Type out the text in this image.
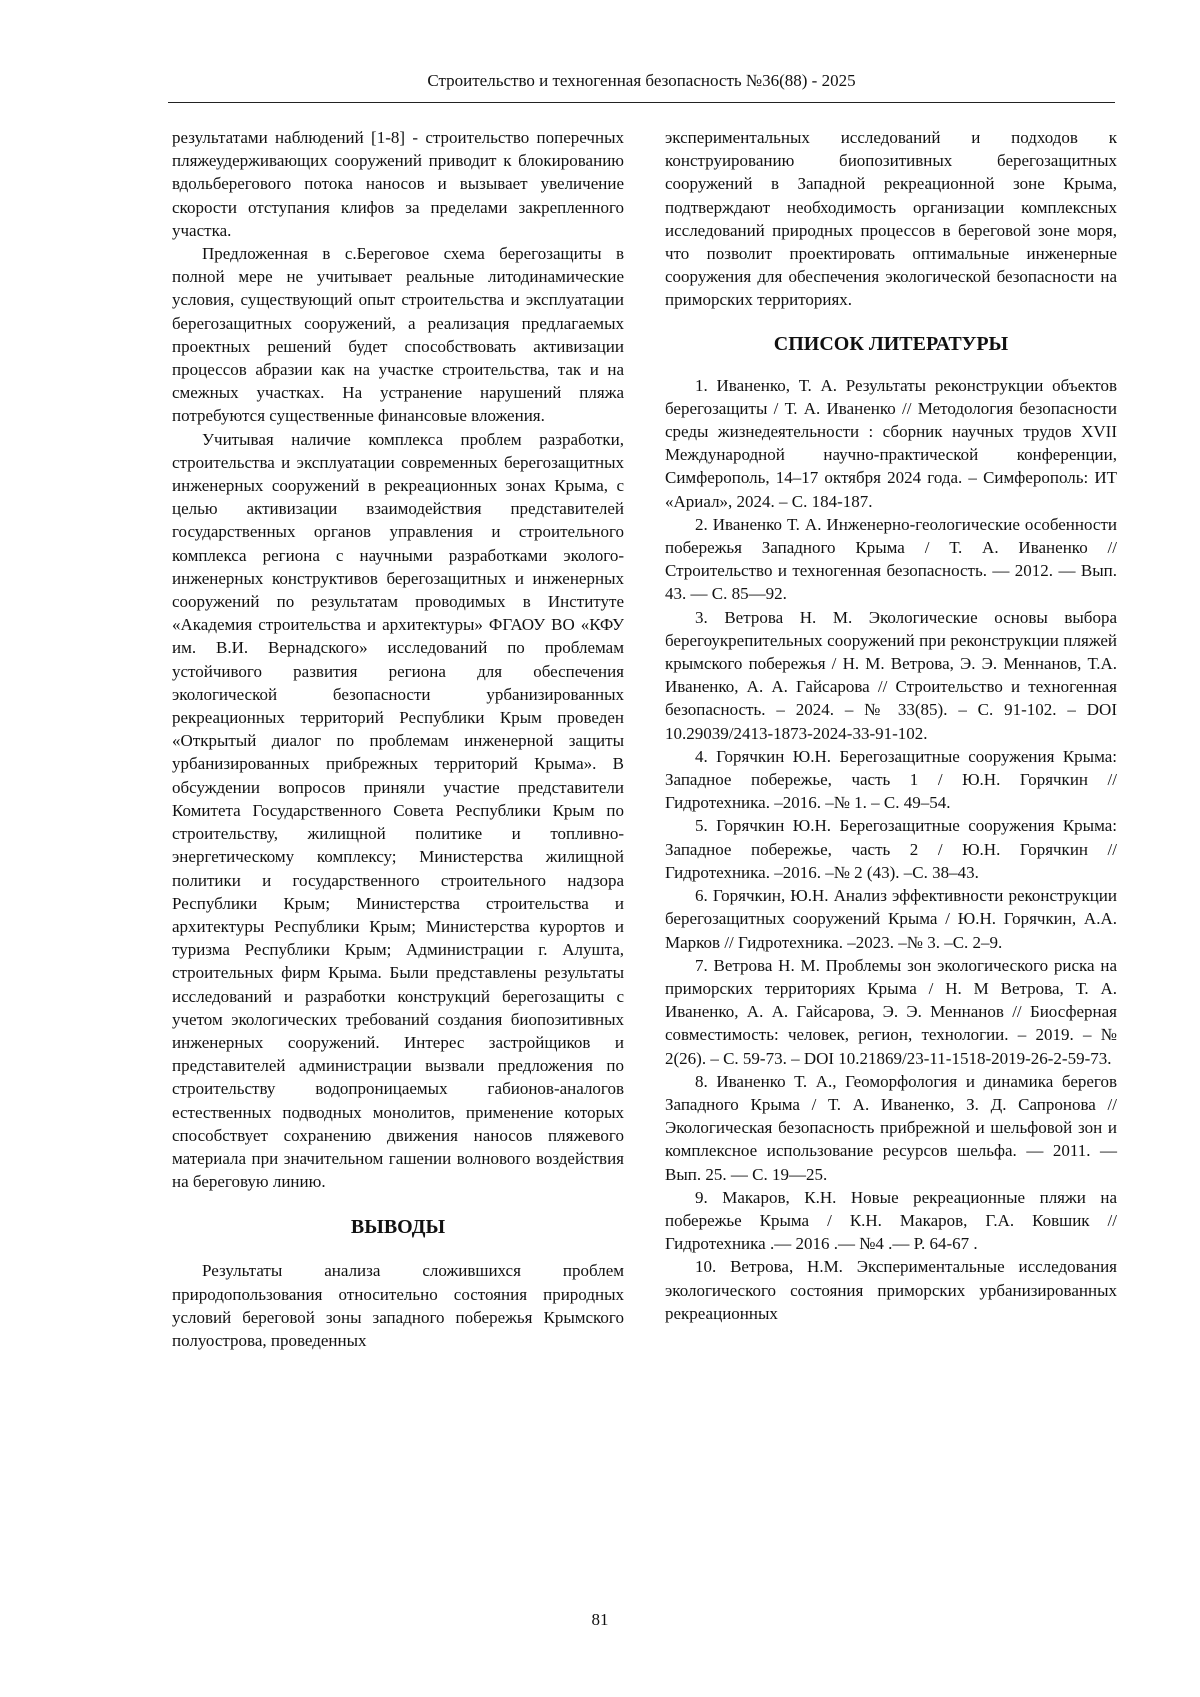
Строительство и техногенная безопасность №36(88) - 2025

результатами наблюдений [1-8] - строительство поперечных пляжеудерживающих сооружений приводит к блокированию вдольберегового потока наносов и вызывает увеличение скорости отступания клифов за пределами закрепленного участка.

Предложенная в с.Береговое схема берегозащиты в полной мере не учитывает реальные литодинамические условия, существующий опыт строительства и эксплуатации берегозащитных сооружений, а реализация предлагаемых проектных решений будет способствовать активизации процессов абразии как на участке строительства, так и на смежных участках. На устранение нарушений пляжа потребуются существенные финансовые вложения.

Учитывая наличие комплекса проблем разработки, строительства и эксплуатации современных берегозащитных инженерных сооружений в рекреационных зонах Крыма, с целью активизации взаимодействия представителей государственных органов управления и строительного комплекса региона с научными разработками эколого-инженерных конструктивов берегозащитных и инженерных сооружений по результатам проводимых в Институте «Академия строительства и архитектуры» ФГАОУ ВО «КФУ им. В.И. Вернадского» исследований по проблемам устойчивого развития региона для обеспечения экологической безопасности урбанизированных рекреационных территорий Республики Крым проведен «Открытый диалог по проблемам инженерной защиты урбанизированных прибрежных территорий Крыма». В обсуждении вопросов приняли участие представители Комитета Государственного Совета Республики Крым по строительству, жилищной политике и топливно-энергетическому комплексу; Министерства жилищной политики и государственного строительного надзора Республики Крым; Министерства строительства и архитектуры Республики Крым; Министерства курортов и туризма Республики Крым; Администрации г. Алушта, строительных фирм Крыма. Были представлены результаты исследований и разработки конструкций берегозащиты с учетом экологических требований создания биопозитивных инженерных сооружений. Интерес застройщиков и представителей администрации вызвали предложения по строительству водопроницаемых габионов-аналогов естественных подводных монолитов, применение которых способствует сохранению движения наносов пляжевого материала при значительном гашении волнового воздействия на береговую линию.

ВЫВОДЫ

Результаты анализа сложившихся проблем природопользования относительно состояния природных условий береговой зоны западного побережья Крымского полуострова, проведенных

экспериментальных исследований и подходов к конструированию биопозитивных берегозащитных сооружений в Западной рекреационной зоне Крыма, подтверждают необходимость организации комплексных исследований природных процессов в береговой зоне моря, что позволит проектировать оптимальные инженерные сооружения для обеспечения экологической безопасности на приморских территориях.

СПИСОК ЛИТЕРАТУРЫ

1. Иваненко, Т. А. Результаты реконструкции объектов берегозащиты / Т. А. Иваненко // Методология безопасности среды жизнедеятельности : сборник научных трудов XVII Международной научно-практической конференции, Симферополь, 14–17 октября 2024 года. – Симферополь: ИТ «Ариал», 2024. – С. 184-187.

2. Иваненко Т. А. Инженерно-геологические особенности побережья Западного Крыма / Т. А. Иваненко // Строительство и техногенная безопасность. — 2012. — Вып. 43. — С. 85—92.

3. Ветрова Н. М. Экологические основы выбора берегоукрепительных сооружений при реконструкции пляжей крымского побережья / Н. М. Ветрова, Э. Э. Меннанов, Т.А. Иваненко, А. А. Гайсарова // Строительство и техногенная безопасность. – 2024. – № 33(85). – С. 91-102. – DOI 10.29039/2413-1873-2024-33-91-102.

4. Горячкин Ю.Н. Берегозащитные сооружения Крыма: Западное побережье, часть 1 / Ю.Н. Горячкин // Гидротехника. –2016. –№ 1. – С. 49–54.

5. Горячкин Ю.Н. Берегозащитные сооружения Крыма: Западное побережье, часть 2 / Ю.Н. Горячкин // Гидротехника. –2016. –№ 2 (43). –С. 38–43.

6. Горячкин, Ю.Н. Анализ эффективности реконструкции берегозащитных сооружений Крыма / Ю.Н. Горячкин, А.А. Марков // Гидротехника. –2023. –№ 3. –С. 2–9.

7. Ветрова Н. М. Проблемы зон экологического риска на приморских территориях Крыма / Н. М Ветрова, Т. А. Иваненко, А. А. Гайсарова, Э. Э. Меннанов // Биосферная совместимость: человек, регион, технологии. – 2019. – № 2(26). – С. 59-73. – DOI 10.21869/23-11-1518-2019-26-2-59-73.

8. Иваненко Т. А., Геоморфология и динамика берегов Западного Крыма / Т. А. Иваненко, З. Д. Сапронова // Экологическая безопасность прибрежной и шельфовой зон и комплексное использование ресурсов шельфа. — 2011. — Вып. 25. — С. 19—25.

9. Макаров, К.Н. Новые рекреационные пляжи на побережье Крыма / К.Н. Макаров, Г.А. Ковшик // Гидротехника .— 2016 .— №4 .— Р. 64-67 .

10. Ветрова, Н.М. Экспериментальные исследования экологического состояния приморских урбанизированных рекреационных

81
